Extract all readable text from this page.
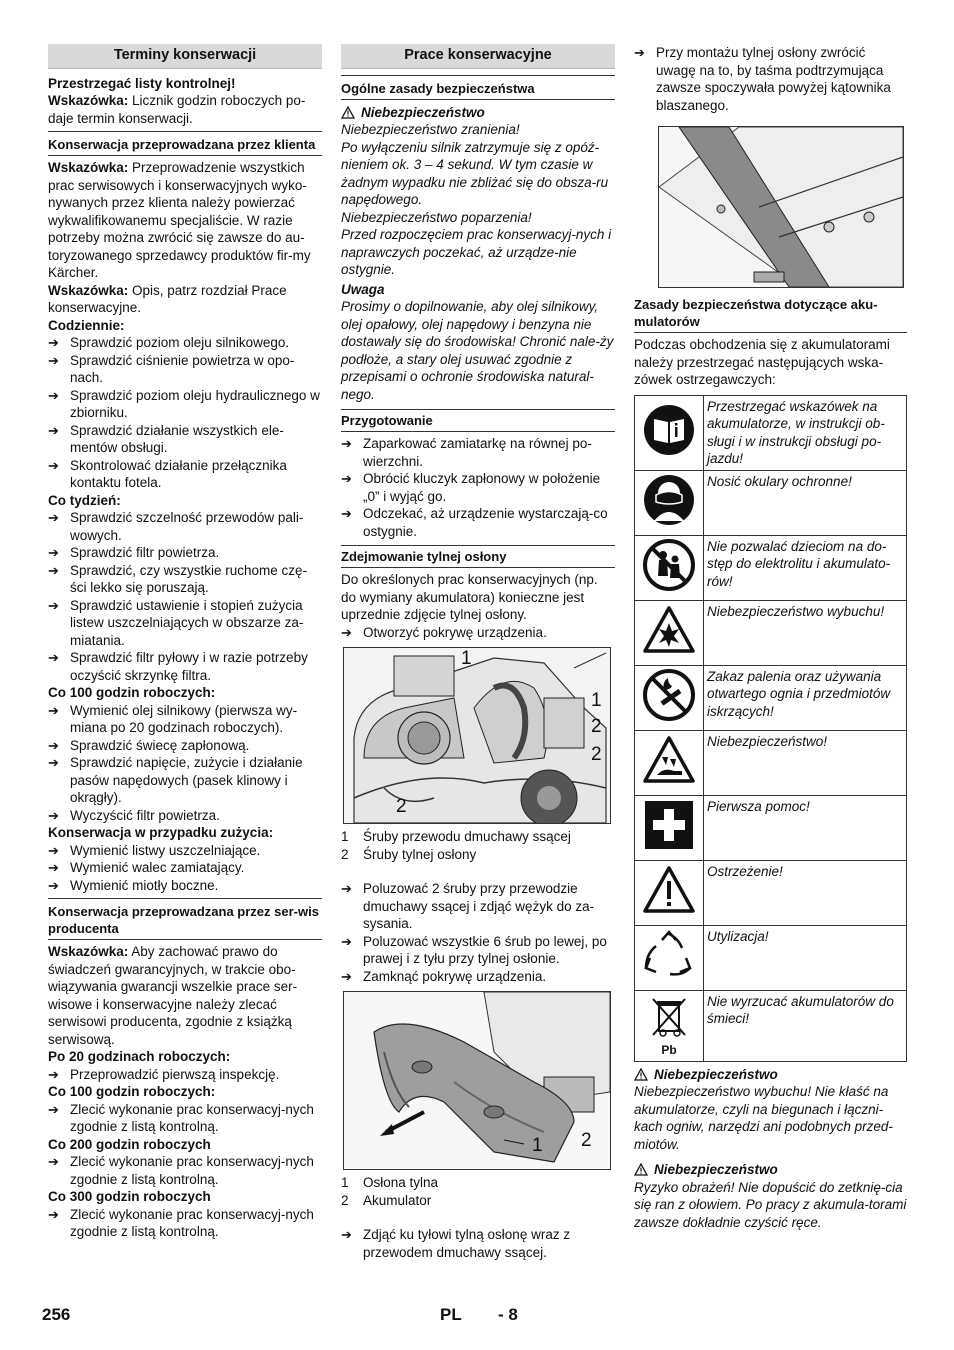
Terminy konserwacji

Przestrzegać listy kontrolnej!

Wskazówka: Licznik godzin roboczych po-daje termin konserwacji.

Konserwacja przeprowadzana przez klienta

Wskazówka: Przeprowadzenie wszystkich prac serwisowych i konserwacyjnych wyko-nywanych przez klienta należy powierzać wykwalifikowanemu specjaliście. W razie potrzeby można zwrócić się zawsze do au-toryzowanego sprzedawcy produktów fir-my Kärcher.

Wskazówka: Opis, patrz rozdział Prace konserwacyjne.

Codziennie:

➔ Sprawdzić poziom oleju silnikowego.
➔ Sprawdzić ciśnienie powietrza w opo-nach.
➔ Sprawdzić poziom oleju hydraulicznego w zbiorniku.
➔ Sprawdzić działanie wszystkich ele-mentów obsługi.
➔ Skontrolować działanie przełącznika kontaktu fotela.

Co tydzień:

➔ Sprawdzić szczelność przewodów pali-wowych.
➔ Sprawdzić filtr powietrza.
➔ Sprawdzić, czy wszystkie ruchome czę-ści lekko się poruszają.
➔ Sprawdzić ustawienie i stopień zużycia listew uszczelniających w obszarze za-miatania.
➔ Sprawdzić filtr pyłowy i w razie potrzeby oczyścić skrzynkę filtra.

Co 100 godzin roboczych:

➔ Wymienić olej silnikowy (pierwsza wy-miana po 20 godzinach roboczych).
➔ Sprawdzić świecę zapłonową.
➔ Sprawdzić napięcie, zużycie i działanie pasów napędowych (pasek klinowy i okrągły).
➔ Wyczyścić filtr powietrza.

Konserwacja w przypadku zużycia:

➔ Wymienić listwy uszczelniające.
➔ Wymienić walec zamiatający.
➔ Wymienić miotły boczne.
Konserwacja przeprowadzana przez ser-wis producenta

Wskazówka: Aby zachować prawo do świadczeń gwarancyjnych, w trakcie obo-wiązywania gwarancji wszelkie prace ser-wisowe i konserwacyjne należy zlecać serwisowi producenta, zgodnie z książką serwisową.

Po 20 godzinach roboczych:

➔ Przeprowadzić pierwszą inspekcję.

Co 100 godzin roboczych:

➔ Zlecić wykonanie prac konserwacyj-nych zgodnie z listą kontrolną.

Co 200 godzin roboczych

➔ Zlecić wykonanie prac konserwacyj-nych zgodnie z listą kontrolną.

Co 300 godzin roboczych

➔ Zlecić wykonanie prac konserwacyj-nych zgodnie z listą kontrolną.
Prace konserwacyjne
Ogólne zasady bezpieczeństwa
Niebezpieczeństwo

Niebezpieczeństwo zranienia!

Po wyłączeniu silnik zatrzymuje się z opóź-nieniem ok. 3 – 4 sekund. W tym czasie w żadnym wypadku nie zbliżać się do obsza-ru napędowego.

Niebezpieczeństwo poparzenia!

Przed rozpoczęciem prac konserwacyj-nych i naprawczych poczekać, aż urządze-nie ostygnie.

Uwaga

Prosimy o dopilnowanie, aby olej silnikowy, olej opałowy, olej napędowy i benzyna nie dostawały się do środowiska! Chronić nale-ży podłoże, a stary olej usuwać zgodnie z przepisami o ochronie środowiska natural-nego.

Przygotowanie
➔ Zaparkować zamiatarkę na równej po-wierzchni.
➔ Obrócić kluczyk zapłonowy w położenie „0” i wyjąć go.
➔ Odczekać, aż urządzenie wystarczają-co ostygnie.
Zdejmowanie tylnej osłony

Do określonych prac konserwacyjnych (np. do wymiany akumulatora) konieczne jest uprzednie zdjęcie tylnej osłony.

➔ Otworzyć pokrywę urządzenia.
1
1
2
2
2
1	Śruby przewodu dmuchawy ssącej
2	Śruby tylnej osłony
➔ Poluzować 2 śruby przy przewodzie dmuchawy ssącej i zdjąć wężyk do za-sysania.
➔ Poluzować wszystkie 6 śrub po lewej, po prawej i z tyłu przy tylnej osłonie.
➔ Zamknąć pokrywę urządzenia.
1 2
1	Osłona tylna
2	Akumulator
➔ Zdjąć ku tyłowi tylną osłonę wraz z przewodem dmuchawy ssącej.
➔ Przy montażu tylnej osłony zwrócić uwagę na to, by taśma podtrzymująca zawsze spoczywała powyżej kątownika blaszanego.
Zasady bezpieczeństwa dotyczące aku-mulatorów

Podczas obchodzenia się z akumulatorami należy przestrzegać następujących wska-zówek ostrzegawczych:

	Przestrzegać wskazówek na akumulatorze, w instrukcji ob-sługi i w instrukcji obsługi po-jazdu!
	Nosić okulary ochronne!
	Nie pozwalać dzieciom na do-stęp do elektrolitu i akumulato-rów!
	Niebezpieczeństwo wybuchu!
	Zakaz palenia oraz używania otwartego ognia i przedmiotów iskrzących!
	Niebezpieczeństwo!
	Pierwsza pomoc!
	Ostrzeżenie!
	Utylizacja!

Pb	Nie wyrzucać akumulatorów do śmieci!
Niebezpieczeństwo

Niebezpieczeństwo wybuchu! Nie kłaść na akumulatorze, czyli na biegunach i łączni-kach ogniw, narzędzi ani podobnych przed-miotów.

Niebezpieczeństwo

Ryzyko obrażeń! Nie dopuścić do zetknię-cia się ran z ołowiem. Po pracy z akumula-torami zawsze dokładnie czyścić ręce.

256	PL - 8
